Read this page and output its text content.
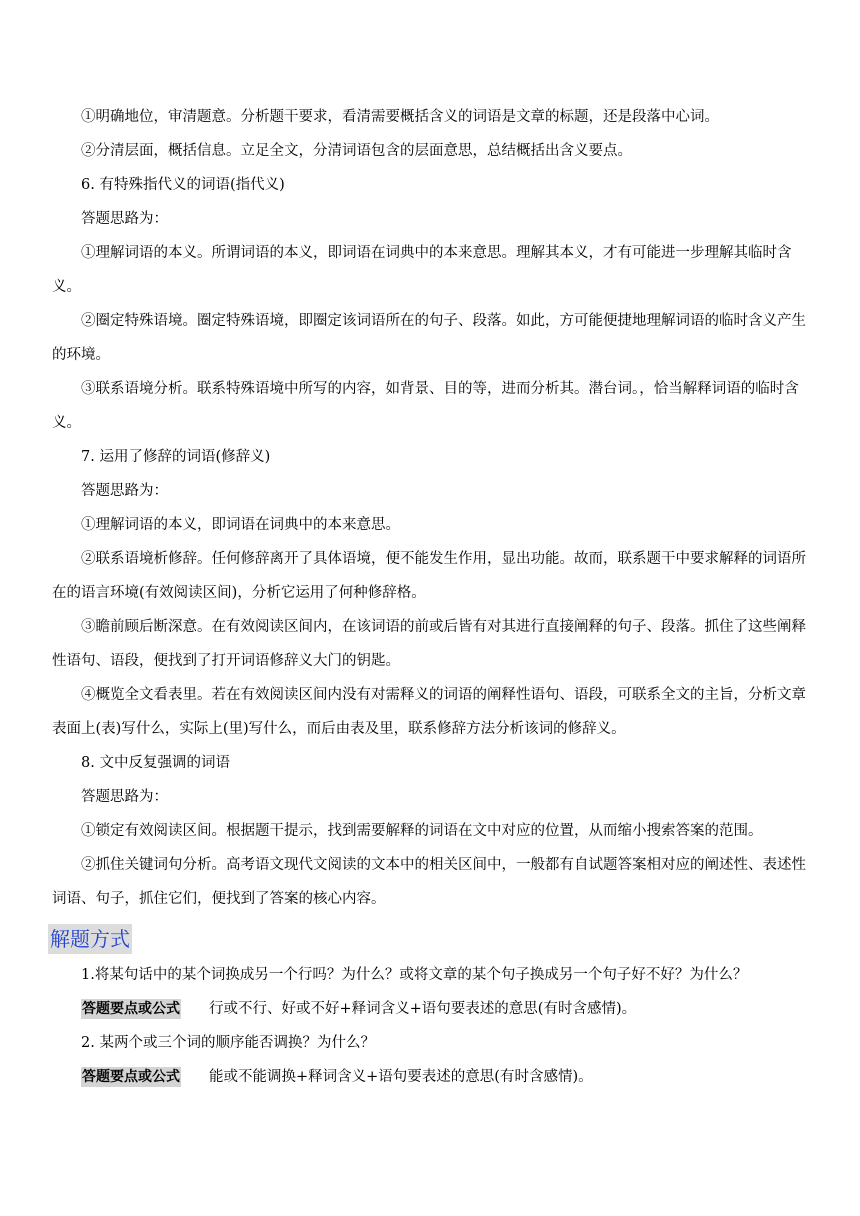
①明确地位，审清题意。分析题干要求，看清需要概括含义的词语是文章的标题，还是段落中心词。

②分清层面，概括信息。立足全文，分清词语包含的层面意思，总结概括出含义要点。

6. 有特殊指代义的词语(指代义)

答题思路为：

①理解词语的本义。所谓词语的本义，即词语在词典中的本来意思。理解其本义，才有可能进一步理解其临时含义。

②圈定特殊语境。圈定特殊语境，即圈定该词语所在的句子、段落。如此，方可能便捷地理解词语的临时含义产生的环境。

③联系语境分析。联系特殊语境中所写的内容，如背景、目的等，进而分析其。潜台词。，恰当解释词语的临时含义。

7. 运用了修辞的词语(修辞义)

答题思路为：

①理解词语的本义，即词语在词典中的本来意思。

②联系语境析修辞。任何修辞离开了具体语境，便不能发生作用，显出功能。故而，联系题干中要求解释的词语所在的语言环境(有效阅读区间)，分析它运用了何种修辞格。

③瞻前顾后断深意。在有效阅读区间内，在该词语的前或后皆有对其进行直接阐释的句子、段落。抓住了这些阐释性语句、语段，便找到了打开词语修辞义大门的钥匙。

④概览全文看表里。若在有效阅读区间内没有对需释义的词语的阐释性语句、语段，可联系全文的主旨，分析文章表面上(表)写什么，实际上(里)写什么，而后由表及里，联系修辞方法分析该词的修辞义。

8. 文中反复强调的词语

答题思路为：

①锁定有效阅读区间。根据题干提示，找到需要解释的词语在文中对应的位置，从而缩小搜索答案的范围。

②抓住关键词句分析。高考语文现代文阅读的文本中的相关区间中，一般都有自试题答案相对应的阐述性、表述性词语、句子，抓住它们，便找到了答案的核心内容。

解题方式

1.将某句话中的某个词换成另一个行吗？为什么？或将文章的某个句子换成另一个句子好不好？为什么？

答题要点或公式 行或不行、好或不好+释词含义+语句要表述的意思(有时含感情)。

2. 某两个或三个词的顺序能否调换？为什么？

答题要点或公式 能或不能调换+释词含义+语句要表述的意思(有时含感情)。
